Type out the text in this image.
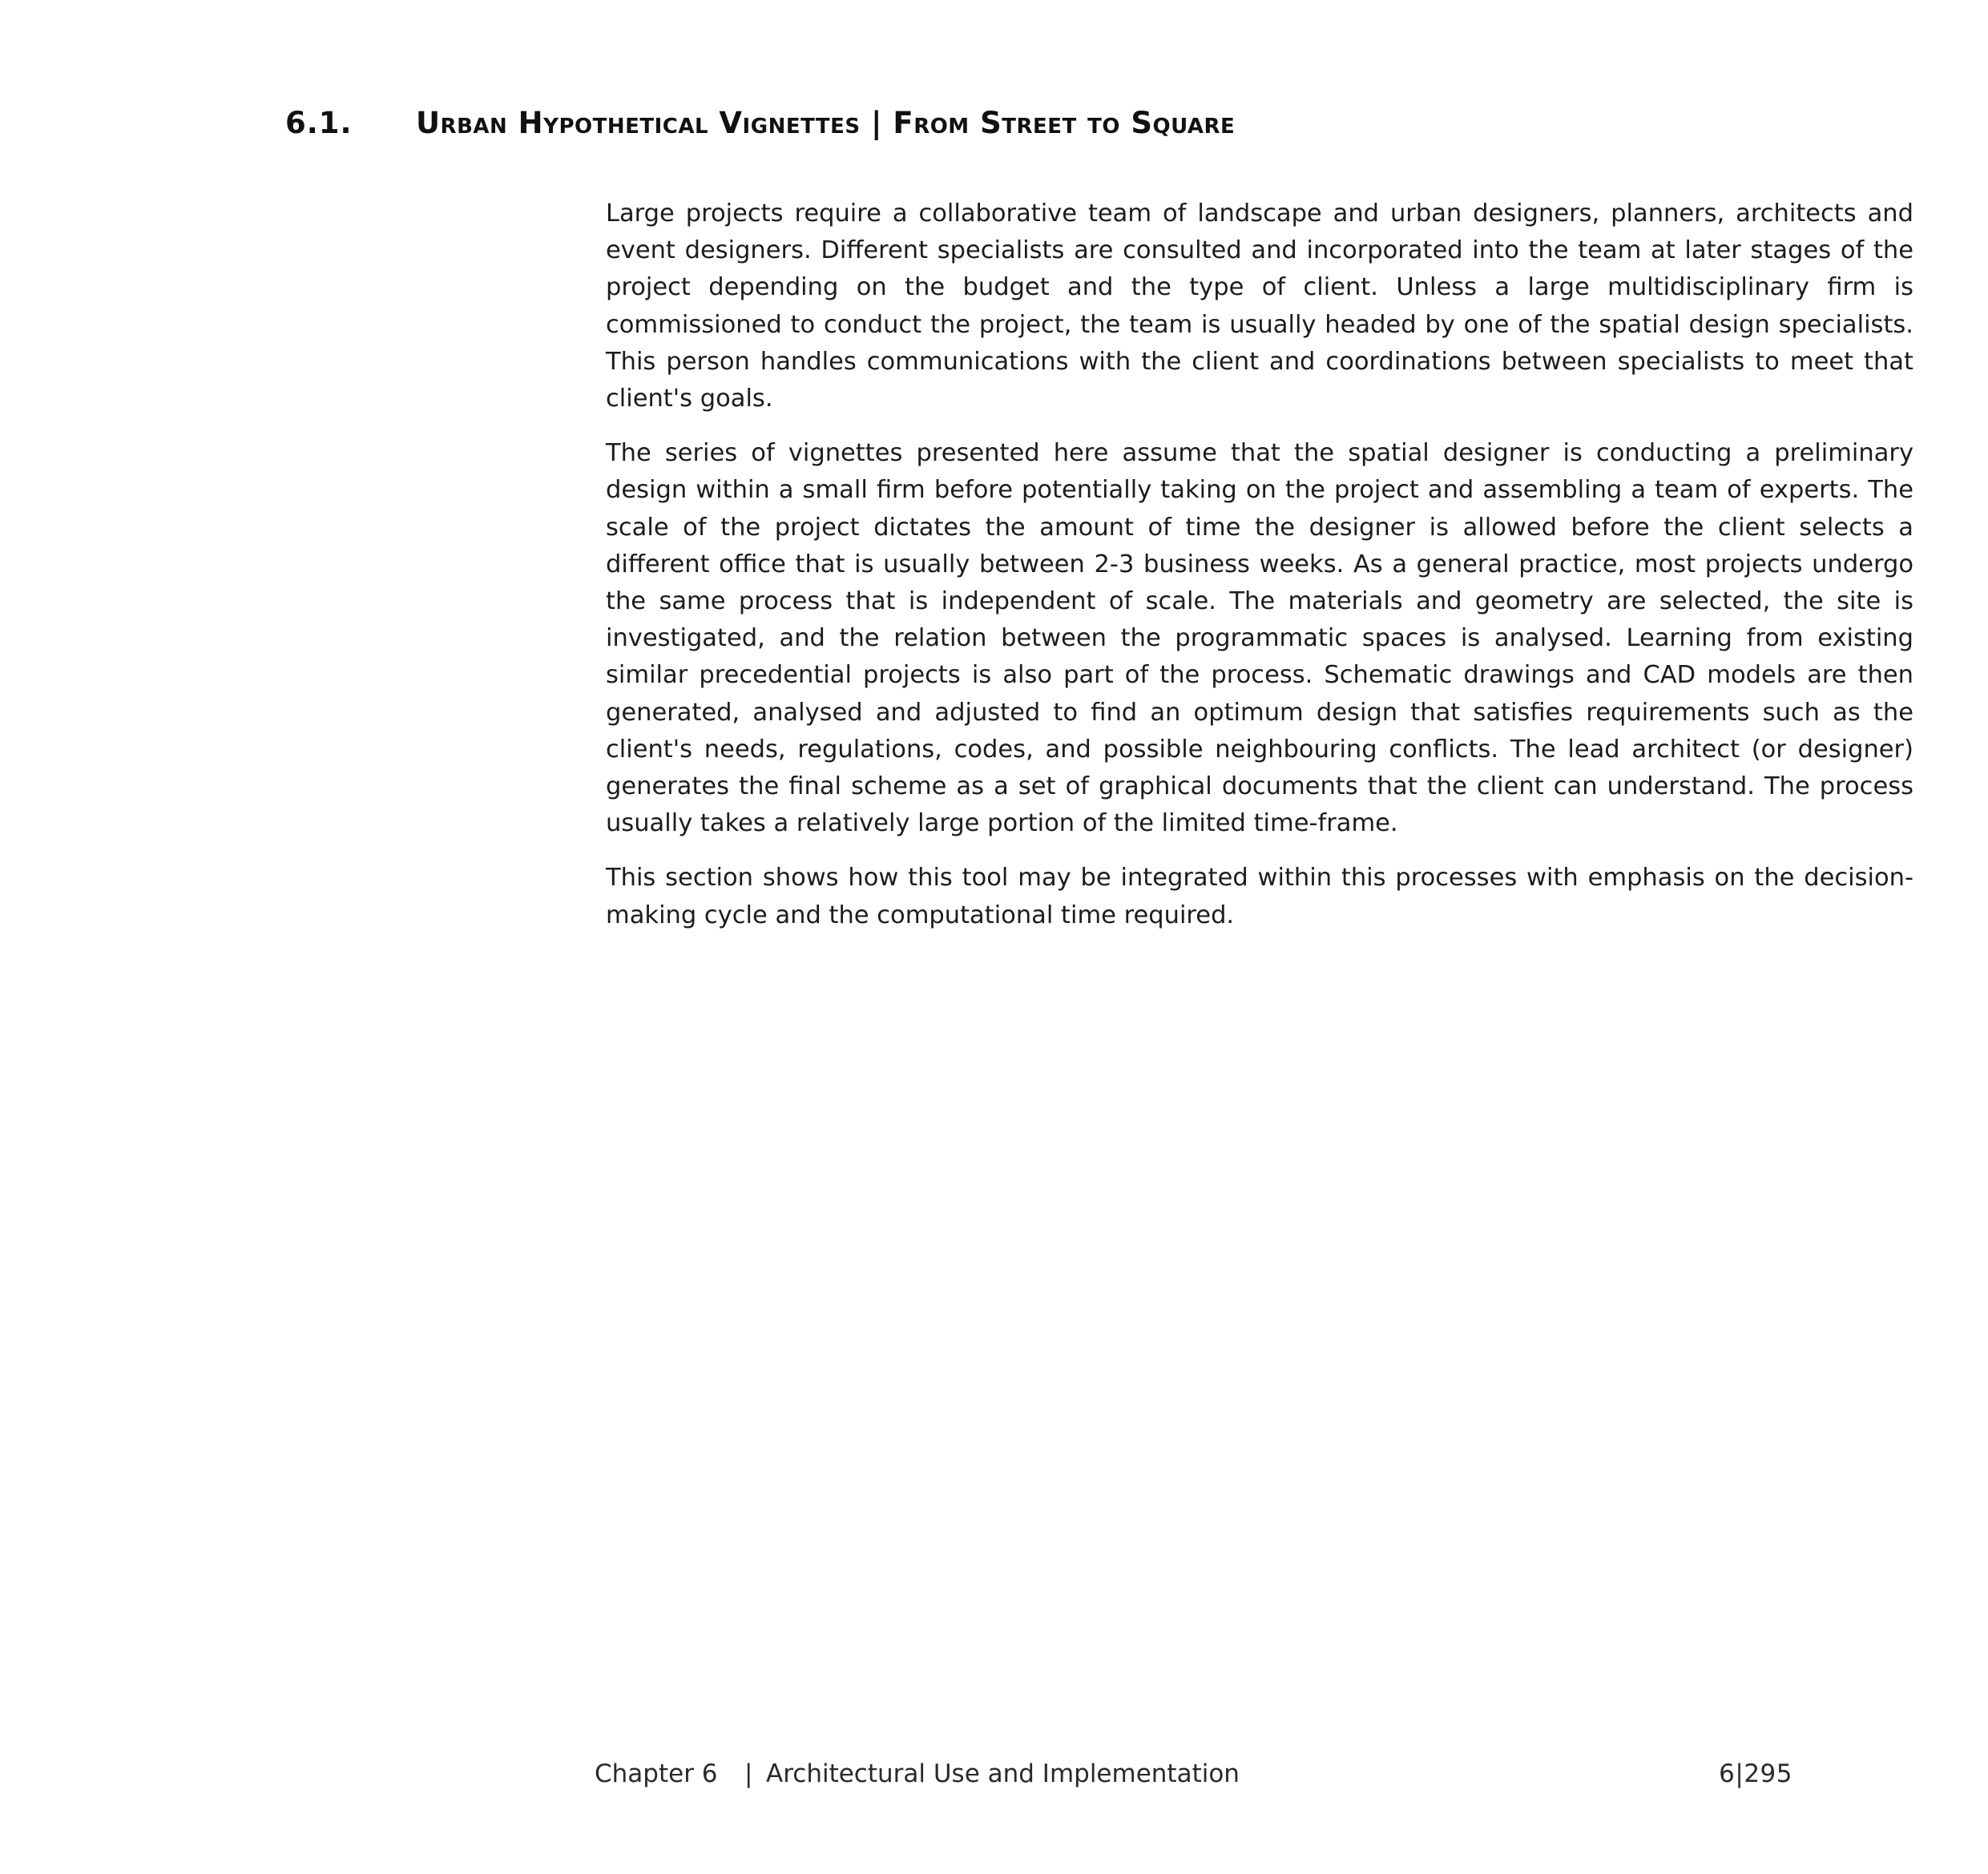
6.1. Urban Hypothetical Vignettes | From Street to Square

Large projects require a collaborative team of landscape and urban designers, planners, architects and event designers. Different specialists are consulted and incorporated into the team at later stages of the project depending on the budget and the type of client. Unless a large multidisciplinary firm is commissioned to conduct the project, the team is usually headed by one of the spatial design specialists. This person handles communications with the client and coordinations between specialists to meet that client's goals.

The series of vignettes presented here assume that the spatial designer is conducting a preliminary design within a small firm before potentially taking on the project and assembling a team of experts. The scale of the project dictates the amount of time the designer is allowed before the client selects a different office that is usually between 2-3 business weeks. As a general practice, most projects undergo the same process that is independent of scale. The materials and geometry are selected, the site is investigated, and the relation between the programmatic spaces is analysed. Learning from existing similar precedential projects is also part of the process. Schematic drawings and CAD models are then generated, analysed and adjusted to find an optimum design that satisfies requirements such as the client's needs, regulations, codes, and possible neighbouring conflicts. The lead architect (or designer) generates the final scheme as a set of graphical documents that the client can understand. The process usually takes a relatively large portion of the limited time-frame.

This section shows how this tool may be integrated within this processes with emphasis on the decision-making cycle and the computational time required.

Chapter 6 | Architectural Use and Implementation	6|295
